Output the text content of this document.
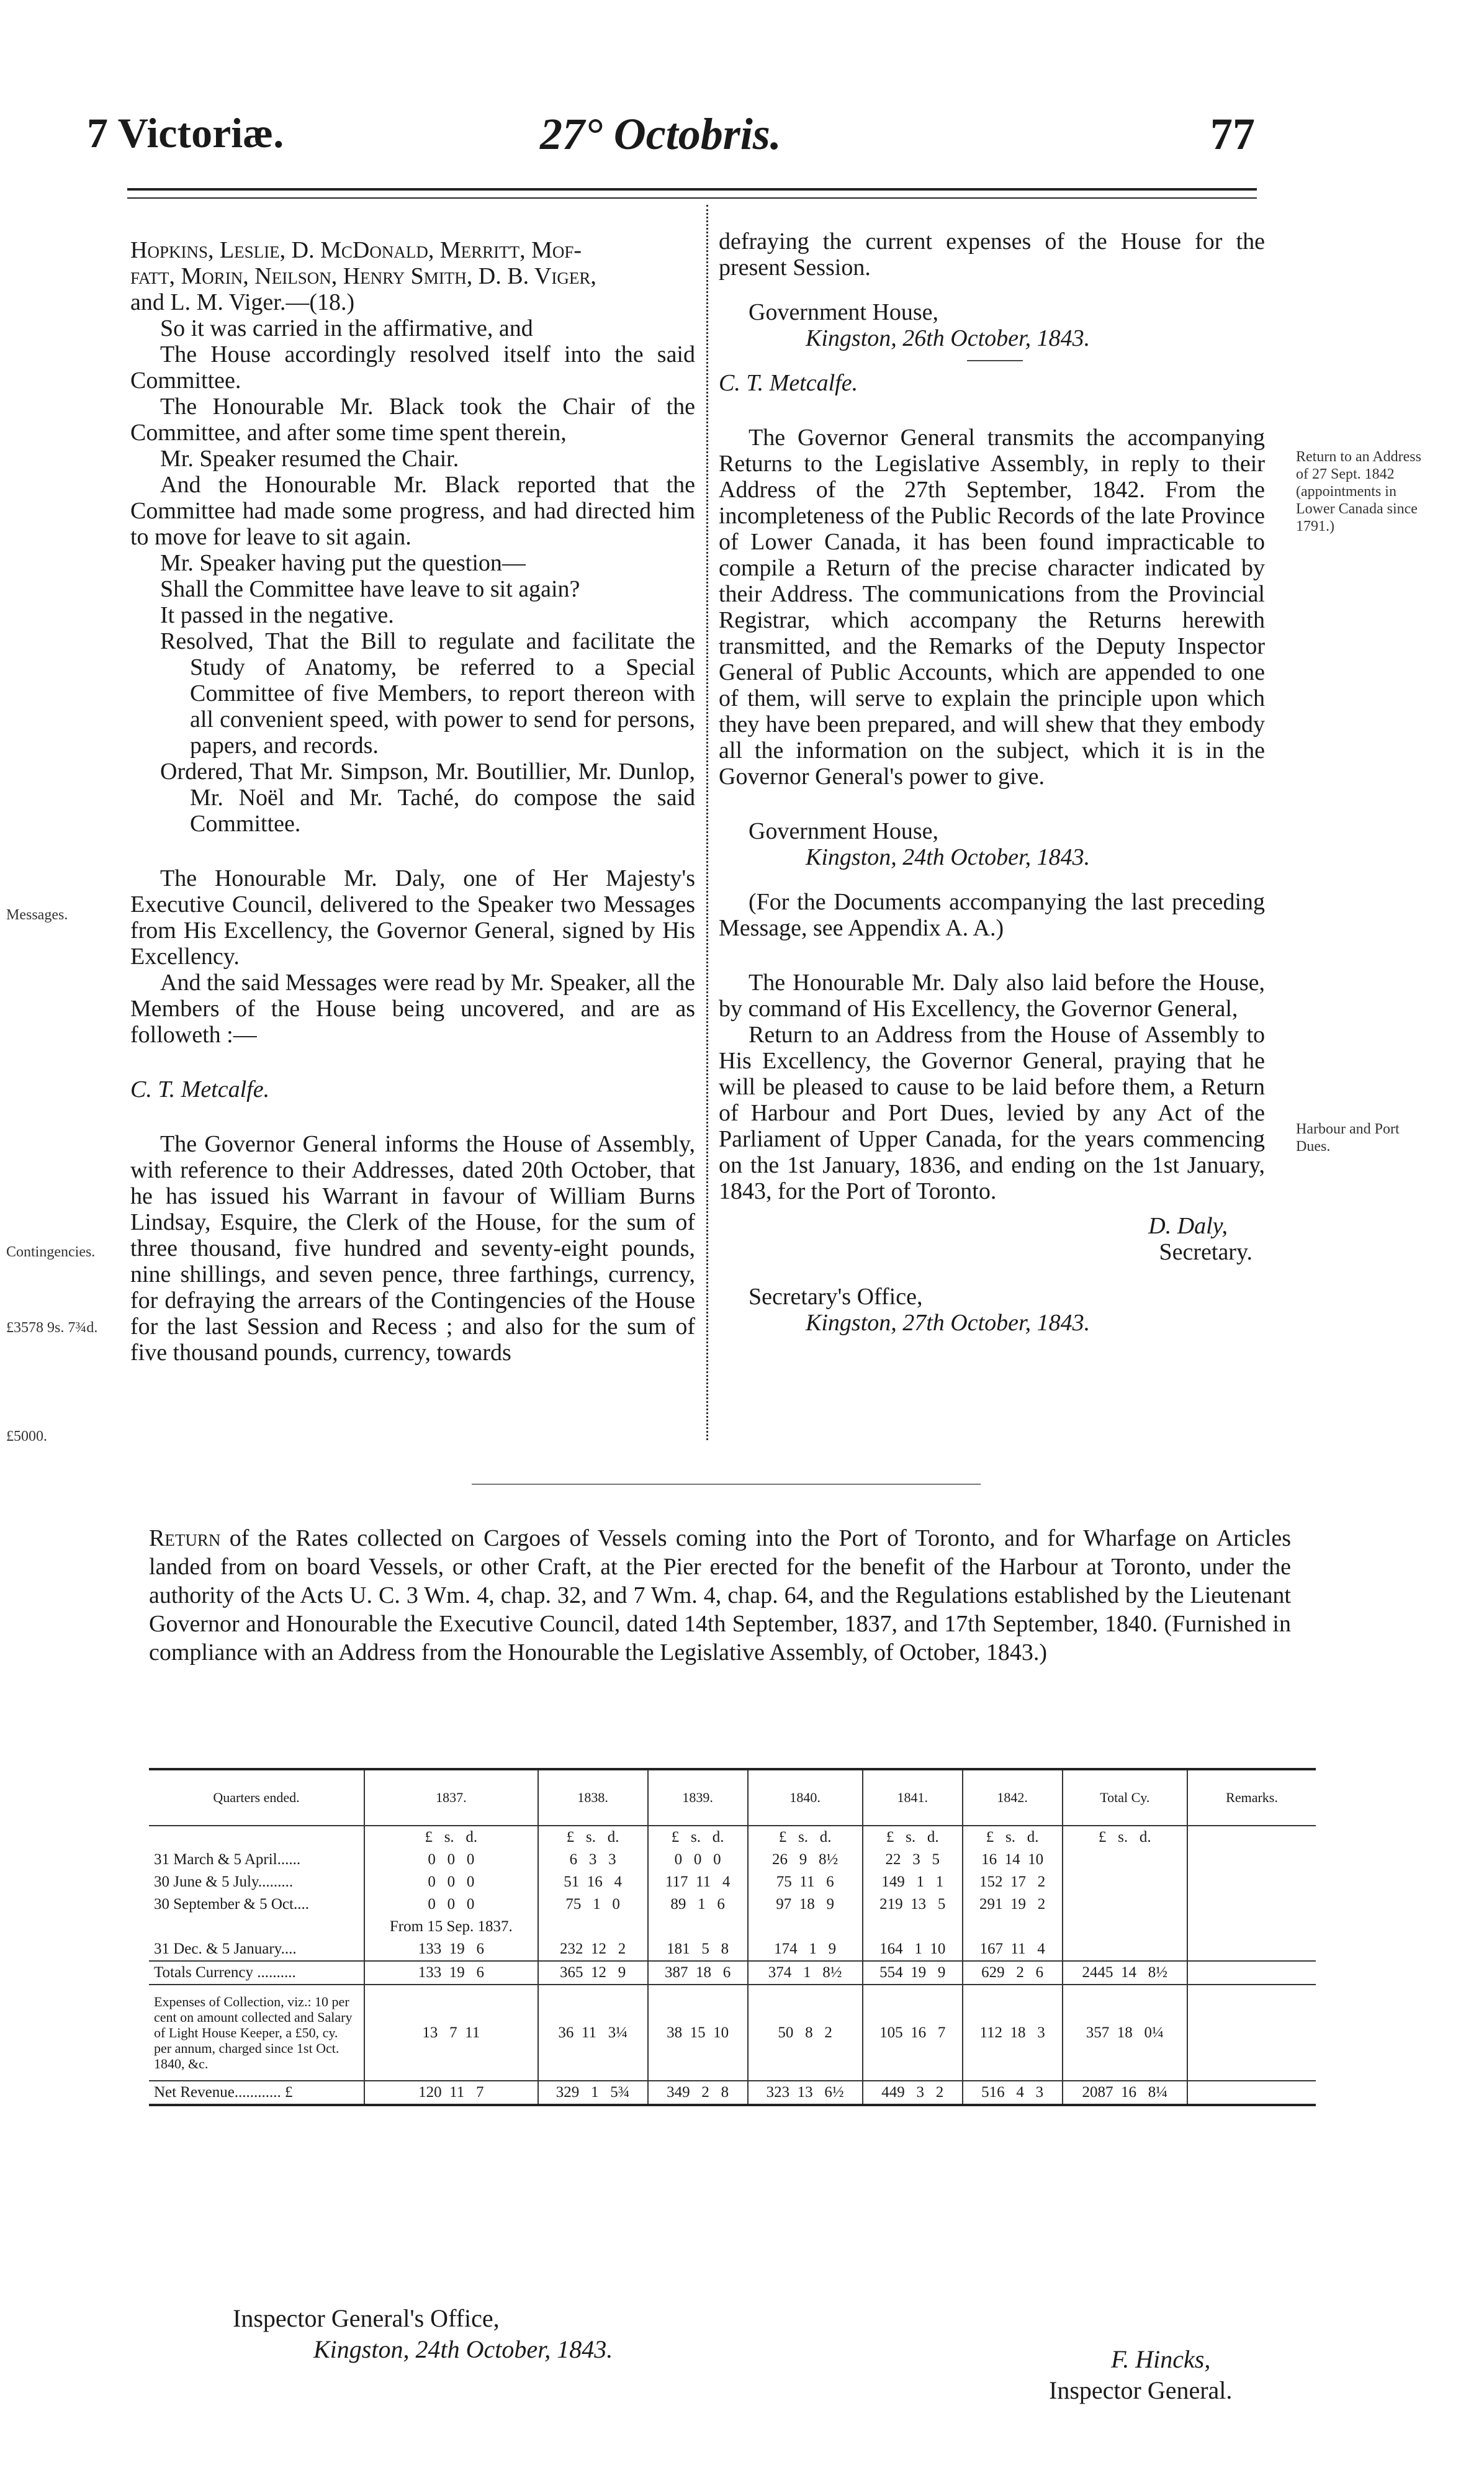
7 Victoriæ.	27° Octobris.	77

Hopkins, Leslie, D. McDonald, Merritt, Mof-

fatt, Morin, Neilson, Henry Smith, D. B. Viger,

and L. M. Viger.—(18.)

So it was carried in the affirmative, and

The House accordingly resolved itself into the said Committee.

The Honourable Mr. Black took the Chair of the Committee, and after some time spent therein,

Mr. Speaker resumed the Chair.

And the Honourable Mr. Black reported that the Committee had made some progress, and had directed him to move for leave to sit again.

Mr. Speaker having put the question—

Shall the Committee have leave to sit again?

It passed in the negative.

Resolved, That the Bill to regulate and facilitate the Study of Anatomy, be referred to a Special Committee of five Members, to report thereon with all convenient speed, with power to send for persons, papers, and records.

Ordered, That Mr. Simpson, Mr. Boutillier, Mr. Dunlop, Mr. Noël and Mr. Taché, do compose the said Committee.

The Honourable Mr. Daly, one of Her Majesty's Executive Council, delivered to the Speaker two Messages from His Excellency, the Governor General, signed by His Excellency.

And the said Messages were read by Mr. Speaker, all the Members of the House being uncovered, and are as followeth :—

C. T. Metcalfe.

The Governor General informs the House of Assembly, with reference to their Addresses, dated 20th October, that he has issued his Warrant in favour of William Burns Lindsay, Esquire, the Clerk of the House, for the sum of three thousand, five hundred and seventy-eight pounds, nine shillings, and seven pence, three farthings, currency, for defraying the arrears of the Contingencies of the House for the last Session and Recess ; and also for the sum of five thousand pounds, currency, towards

defraying the current expenses of the House for the present Session.

Government House,

Kingston, 26th October, 1843.

C. T. Metcalfe.

The Governor General transmits the accompanying Returns to the Legislative Assembly, in reply to their Address of the 27th September, 1842. From the incompleteness of the Public Records of the late Province of Lower Canada, it has been found impracticable to compile a Return of the precise character indicated by their Address. The communications from the Provincial Registrar, which accompany the Returns herewith transmitted, and the Remarks of the Deputy Inspector General of Public Accounts, which are appended to one of them, will serve to explain the principle upon which they have been prepared, and will shew that they embody all the information on the subject, which it is in the Governor General's power to give.

Government House,

Kingston, 24th October, 1843.

(For the Documents accompanying the last preceding Message, see Appendix A. A.)

The Honourable Mr. Daly also laid before the House, by command of His Excellency, the Governor General,

Return to an Address from the House of Assembly to His Excellency, the Governor General, praying that he will be pleased to cause to be laid before them, a Return of Harbour and Port Dues, levied by any Act of the Parliament of Upper Canada, for the years commencing on the 1st January, 1836, and ending on the 1st January, 1843, for the Port of Toronto.

D. Daly,

Secretary.

Secretary's Office,

Kingston, 27th October, 1843.

Messages.
Contingencies.
£3578 9s. 7¾d.
£5000.
Return to an Address of 27 Sept. 1842 (appointments in Lower Canada since 1791.)
Harbour and Port Dues.
Return of the Rates collected on Cargoes of Vessels coming into the Port of Toronto, and for Wharfage on Articles landed from on board Vessels, or other Craft, at the Pier erected for the benefit of the Harbour at Toronto, under the authority of the Acts U. C. 3 Wm. 4, chap. 32, and 7 Wm. 4, chap. 64, and the Regulations established by the Lieutenant Governor and Honourable the Executive Council, dated 14th September, 1837, and 17th September, 1840. (Furnished in compliance with an Address from the Honourable the Legislative Assembly, of October, 1843.)
Quarters ended.	1837.	1838.	1839.	1840.	1841.	1842.	Total Cy.	Remarks.
	£   s.   d.	£   s.   d.	£   s.   d.	£   s.   d.	£   s.   d.	£   s.   d.	£   s.   d.	
31 March & 5 April......	0   0   0	6   3   3	0   0   0	26   9   8½	22   3   5	16  14  10		
30 June & 5 July.........	0   0   0	51  16   4	117  11   4	75  11   6	149   1   1	152  17   2		
30 September & 5 Oct....	0   0   0	75   1   0	89   1   6	97  18   9	219  13   5	291  19   2		
	From 15 Sep. 1837.							
31 Dec. & 5 January....	133  19   6	232  12   2	181   5   8	174   1   9	164   1  10	167  11   4		
Totals Currency ..........	133  19   6	365  12   9	387  18   6	374   1   8½	554  19   9	629   2   6	2445  14   8½	
Expenses of Collection, viz.: 10 per cent on amount collected and Salary of Light House Keeper, a £50, cy. per annum, charged since 1st Oct. 1840, &c.	13   7  11	36  11   3¼	38  15  10	50   8   2	105  16   7	112  18   3	357  18   0¼	
Net Revenue............ £	120  11   7	329   1   5¾	349   2   8	323  13   6½	449   3   2	516   4   3	2087  16   8¼	
Inspector General's Office,
Kingston, 24th October, 1843.	F. Hincks,
Inspector General.
